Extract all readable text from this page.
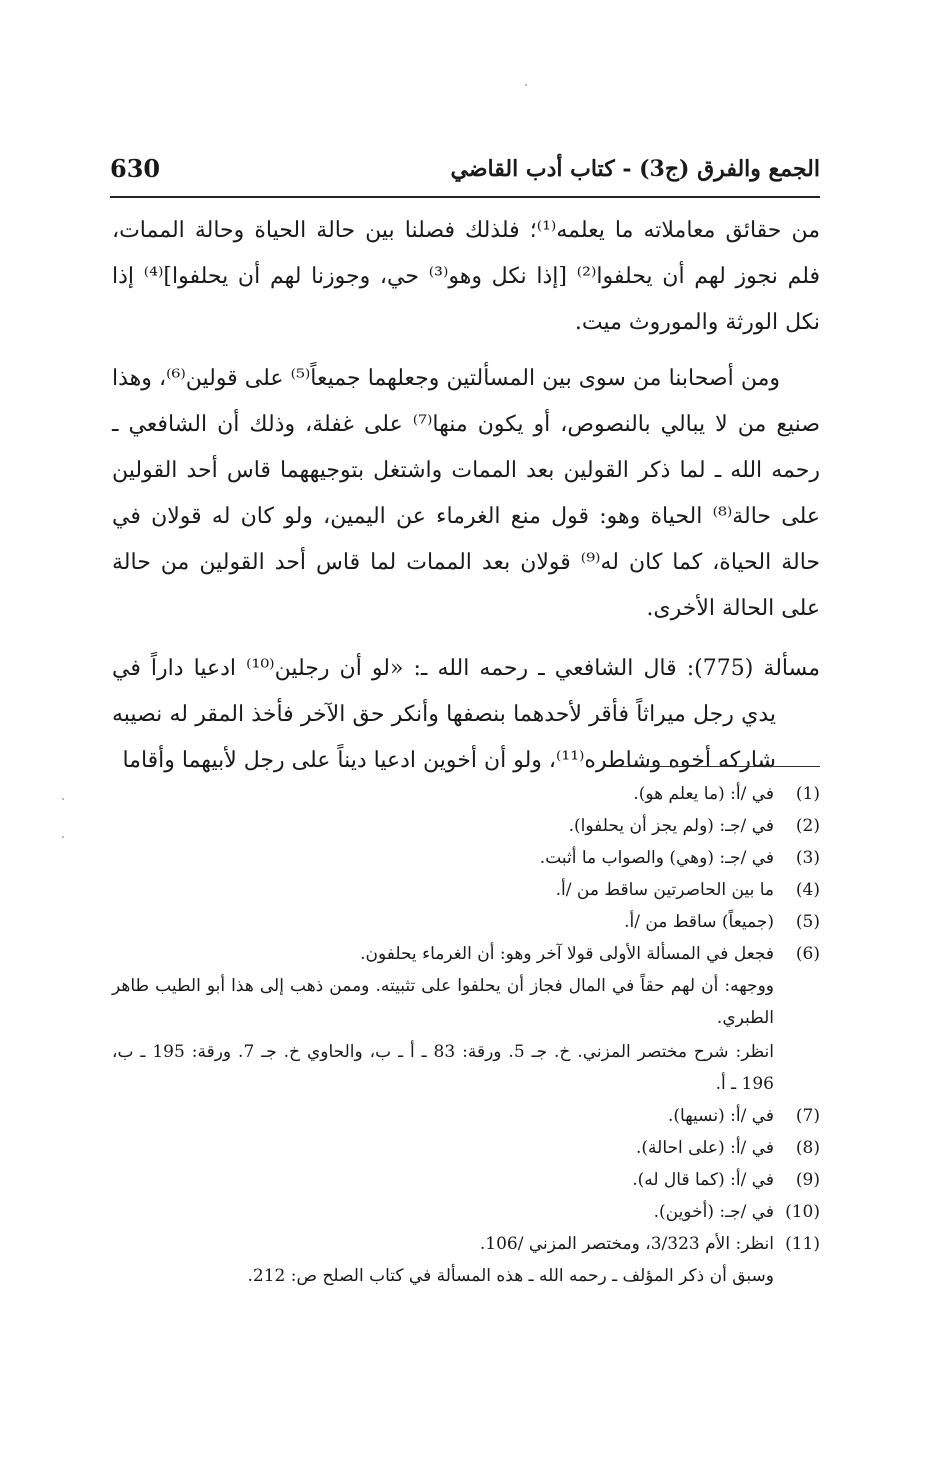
الجمع والفرق (ج3) - كتاب أدب القاضي
630

من حقائق معاملاته ما يعلمه⁽¹⁾؛ فلذلك فصلنا بين حالة الحياة وحالة الممات، فلم نجوز لهم أن يحلفوا⁽²⁾ [إذا نكل وهو⁽³⁾ حي، وجوزنا لهم أن يحلفوا]⁽⁴⁾ إذا نكل الورثة والموروث ميت.

ومن أصحابنا من سوى بين المسألتين وجعلهما جميعاً⁽⁵⁾ على قولين⁽⁶⁾، وهذا صنيع من لا يبالي بالنصوص، أو يكون منها⁽⁷⁾ على غفلة، وذلك أن الشافعي ـ رحمه الله ـ لما ذكر القولين بعد الممات واشتغل بتوجيههما قاس أحد القولين على حالة⁽⁸⁾ الحياة وهو: قول منع الغرماء عن اليمين، ولو كان له قولان في حالة الحياة، كما كان له⁽⁹⁾ قولان بعد الممات لما قاس أحد القولين من حالة على الحالة الأخرى.

مسألة (775): قال الشافعي ـ رحمه الله ـ: «لو أن رجلين⁽¹⁰⁾ ادعيا داراً في يدي رجل ميراثاً فأقر لأحدهما بنصفها وأنكر حق الآخر فأخذ المقر له نصيبه شاركه أخوه وشاطره⁽¹¹⁾، ولو أن أخوين ادعيا ديناً على رجل لأبيهما وأقاما

(1)
في /أ: (ما يعلم هو).
(2)
في /جـ: (ولم يجز أن يحلفوا).
(3)
في /جـ: (وهي) والصواب ما أثبت.
(4)
ما بين الحاصرتين ساقط من /أ.
(5)
(جميعاً) ساقط من /أ.
(6)
فجعل في المسألة الأولى قولا آخر وهو: أن الغرماء يحلفون.
ووجهه: أن لهم حقاً في المال فجاز أن يحلفوا على تثبيته. وممن ذهب إلى هذا أبو الطيب طاهر الطبري.
انظر: شرح مختصر المزني. خ. جـ 5. ورقة: 83 ـ أ ـ ب، والحاوي خ. جـ 7. ورقة: 195 ـ ب، 196 ـ أ.
(7)
في /أ: (نسيها).
(8)
في /أ: (على احالة).
(9)
في /أ: (كما قال له).
(10)
في /جـ: (أخوين).
(11)
انظر: الأم 3/323، ومختصر المزني /106.
وسبق أن ذكر المؤلف ـ رحمه الله ـ هذه المسألة في كتاب الصلح ص: 212.
